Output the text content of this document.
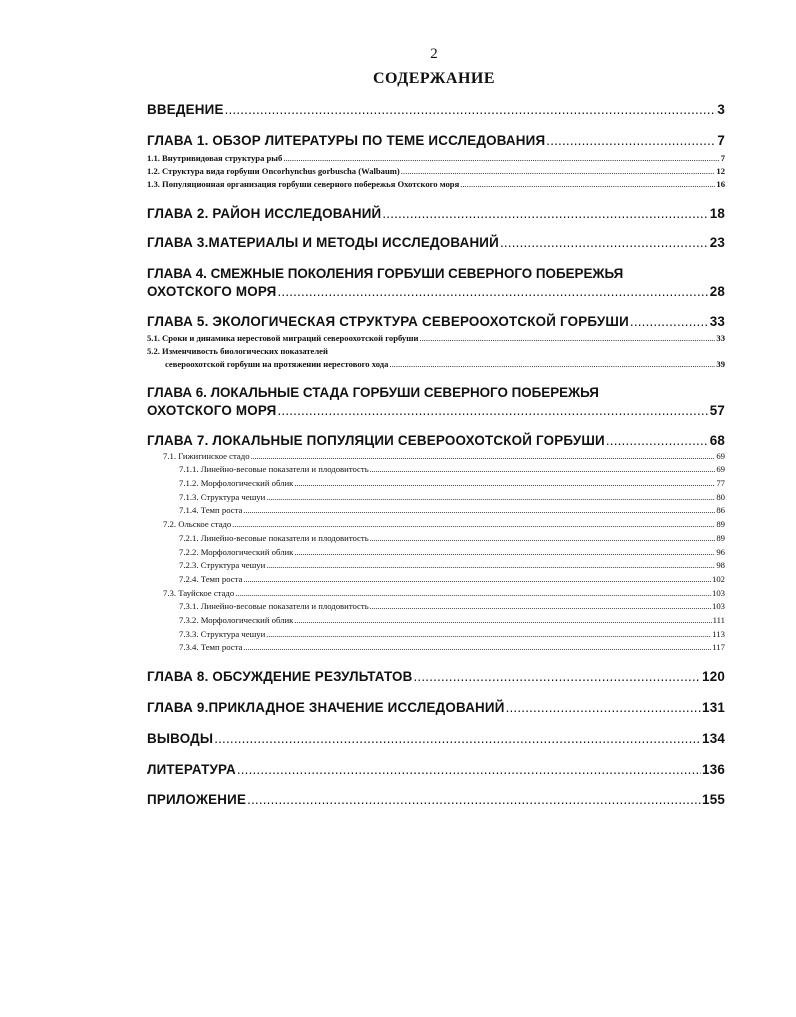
2
СОДЕРЖАНИЕ
ВВЕДЕНИЕ .....	3
ГЛАВА 1. ОБЗОР ЛИТЕРАТУРЫ ПО ТЕМЕ ИССЛЕДОВАНИЯ .....	7
1.1. Внутривидовая структура рыб .....	7
1.2. Структура вида горбуши Oncorhynchus gorbuscha (Walbaum) .....	12
1.3. Популяционная организация горбуши северного побережья Охотского моря .....	16
ГЛАВА 2. РАЙОН ИССЛЕДОВАНИЙ .....	18
ГЛАВА 3.МАТЕРИАЛЫ И МЕТОДЫ ИССЛЕДОВАНИЙ .....	23
ГЛАВА 4. СМЕЖНЫЕ ПОКОЛЕНИЯ ГОРБУШИ СЕВЕРНОГО ПОБЕРЕЖЬЯ
ОХОТСКОГО МОРЯ .....	28
ГЛАВА 5. ЭКОЛОГИЧЕСКАЯ СТРУКТУРА СЕВЕРООХОТСКОЙ ГОРБУШИ .....	33
5.1. Сроки и динамика нерестовой миграций североохотской горбуши .....	33
5.2. Изменчивость биологических показателей
североохотской горбуши на протяжении нерестового хода .....	39
ГЛАВА 6. ЛОКАЛЬНЫЕ СТАДА ГОРБУШИ СЕВЕРНОГО ПОБЕРЕЖЬЯ
ОХОТСКОГО МОРЯ .....	57
ГЛАВА 7. ЛОКАЛЬНЫЕ ПОПУЛЯЦИИ СЕВЕРООХОТСКОЙ ГОРБУШИ .....	68
7.1. Гижигинское стадо .....	69
7.1.1. Линейно-весовые показатели и плодовитость .....	69
7.1.2. Морфологический облик .....	77
7.1.3. Структура чешуи .....	80
7.1.4. Темп роста .....	86
7.2. Ольское стадо .....	89
7.2.1. Линейно-весовые показатели и плодовитость .....	89
7.2.2. Морфологический облик .....	96
7.2.3. Структура чешуи .....	98
7.2.4. Темп роста .....	102
7.3. Тауйское стадо .....	103
7.3.1. Линейно-весовые показатели и плодовитость .....	103
7.3.2. Морфологический облик .....	111
7.3.3. Структура чешуи .....	113
7.3.4. Темп роста .....	117
ГЛАВА 8. ОБСУЖДЕНИЕ РЕЗУЛЬТАТОВ .....	120
ГЛАВА 9.ПРИКЛАДНОЕ ЗНАЧЕНИЕ ИССЛЕДОВАНИЙ .....	131
ВЫВОДЫ .....	134
ЛИТЕРАТУРА .....	136
ПРИЛОЖЕНИЕ .....	155
